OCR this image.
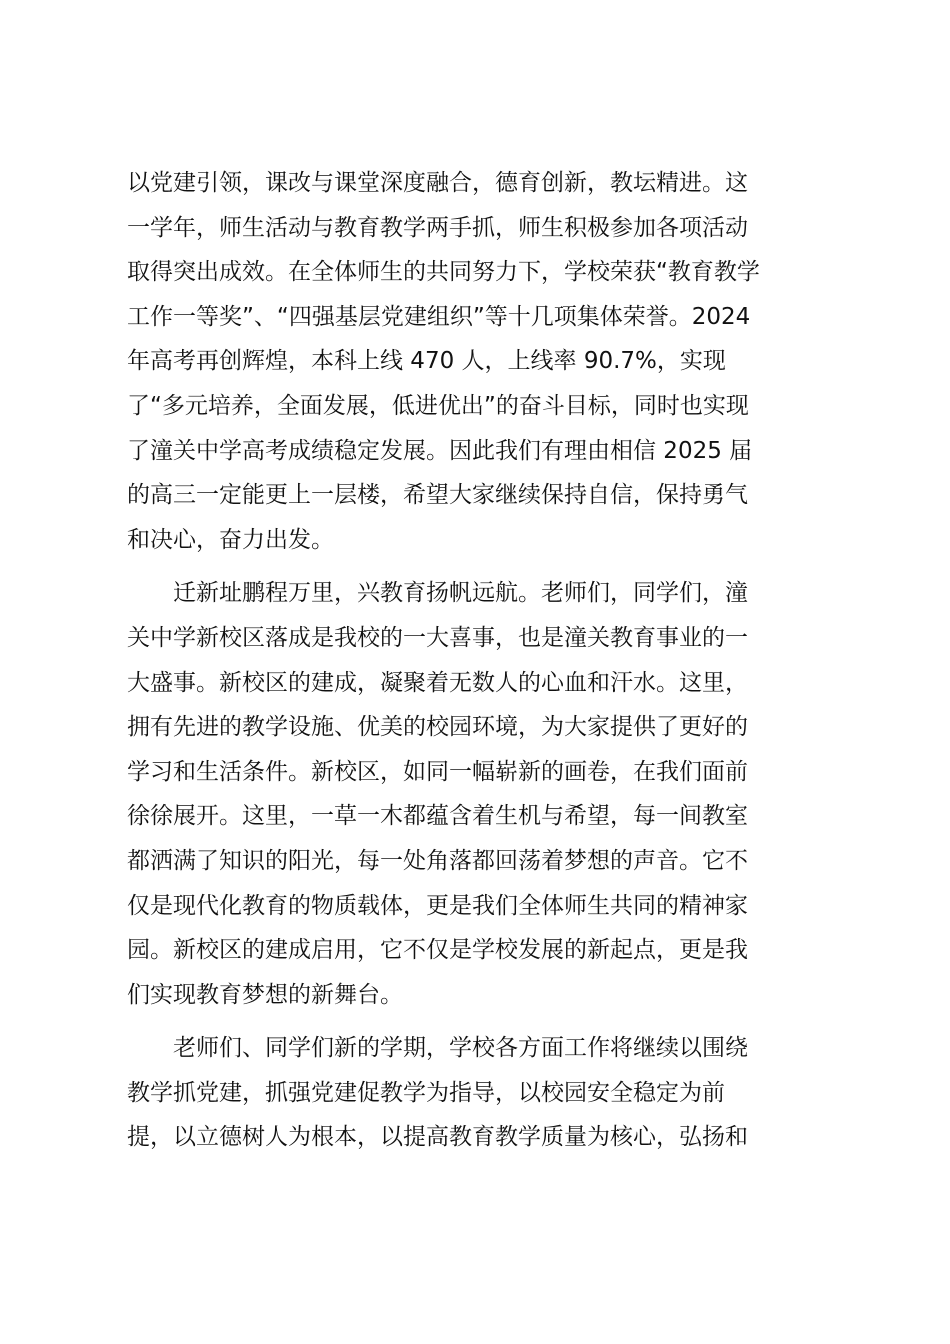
以党建引领，课改与课堂深度融合，德育创新，教坛精进。这
一学年，师生活动与教育教学两手抓，师生积极参加各项活动
取得突出成效。在全体师生的共同努力下，学校荣获“教育教学
工作一等奖”、“四强基层党建组织”等十几项集体荣誉。2024
年高考再创辉煌，本科上线 470 人，上线率 90.7%，实现
了“多元培养，全面发展，低进优出”的奋斗目标，同时也实现
了潼关中学高考成绩稳定发展。因此我们有理由相信 2025 届
的高三一定能更上一层楼，希望大家继续保持自信，保持勇气
和决心，奋力出发。
迁新址鹏程万里，兴教育扬帆远航。老师们，同学们，潼
关中学新校区落成是我校的一大喜事，也是潼关教育事业的一
大盛事。新校区的建成，凝聚着无数人的心血和汗水。这里，
拥有先进的教学设施、优美的校园环境，为大家提供了更好的
学习和生活条件。新校区，如同一幅崭新的画卷，在我们面前
徐徐展开。这里，一草一木都蕴含着生机与希望，每一间教室
都洒满了知识的阳光，每一处角落都回荡着梦想的声音。它不
仅是现代化教育的物质载体，更是我们全体师生共同的精神家
园。新校区的建成启用，它不仅是学校发展的新起点，更是我
们实现教育梦想的新舞台。
老师们、同学们新的学期，学校各方面工作将继续以围绕
教学抓党建，抓强党建促教学为指导，以校园安全稳定为前
提，以立德树人为根本，以提高教育教学质量为核心，弘扬和
